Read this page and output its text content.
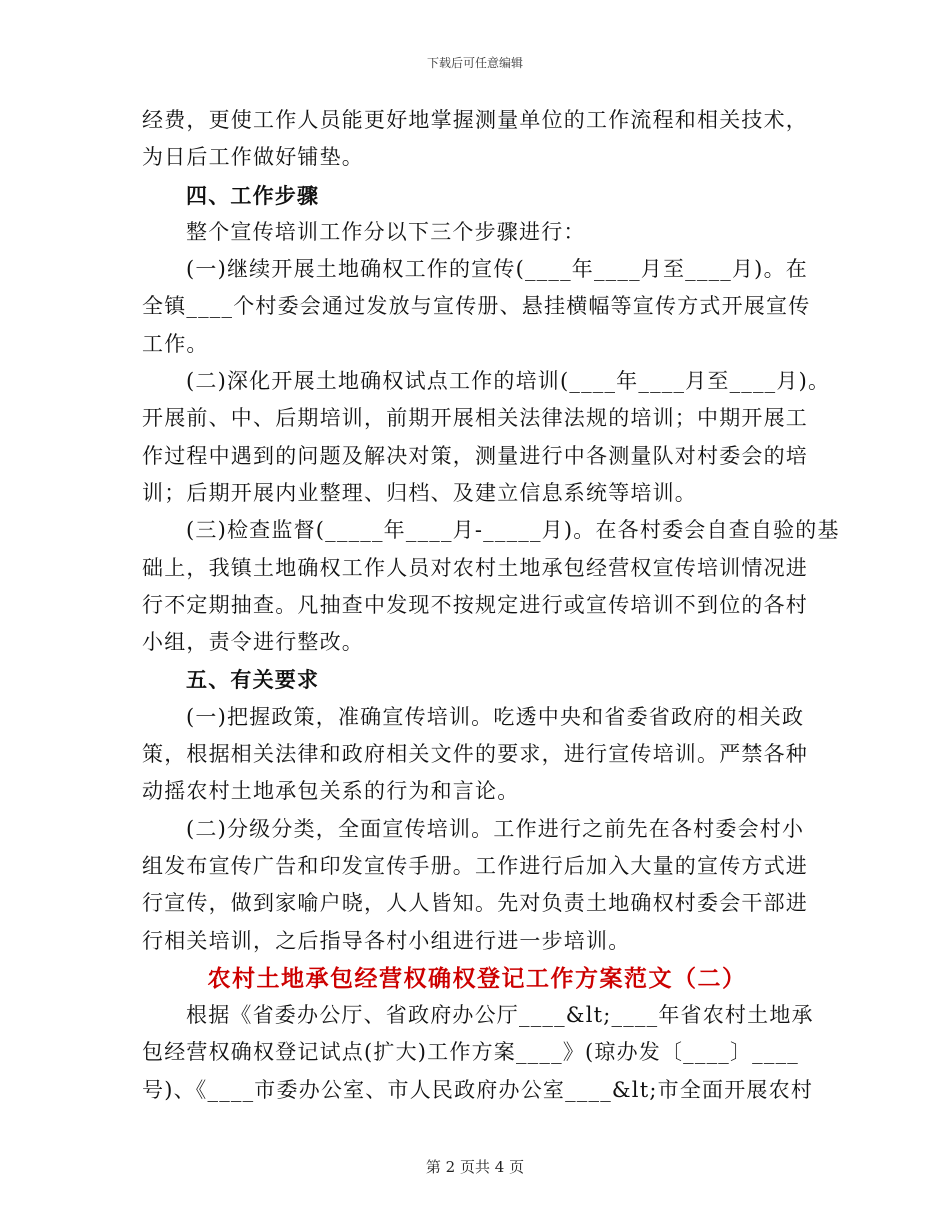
下载后可任意编辑
经费，更使工作人员能更好地掌握测量单位的工作流程和相关技术，
为日后工作做好铺垫。
四、工作步骤
整个宣传培训工作分以下三个步骤进行：
(一)继续开展土地确权工作的宣传(____年____月至____月)。在
全镇____个村委会通过发放与宣传册、悬挂横幅等宣传方式开展宣传
工作。
(二)深化开展土地确权试点工作的培训(____年____月至____月)。
开展前、中、后期培训，前期开展相关法律法规的培训；中期开展工
作过程中遇到的问题及解决对策，测量进行中各测量队对村委会的培
训；后期开展内业整理、归档、及建立信息系统等培训。
(三)检查监督(_____年____月-_____月)。在各村委会自查自验的基
础上，我镇土地确权工作人员对农村土地承包经营权宣传培训情况进
行不定期抽查。凡抽查中发现不按规定进行或宣传培训不到位的各村
小组，责令进行整改。
五、有关要求
(一)把握政策，准确宣传培训。吃透中央和省委省政府的相关政
策，根据相关法律和政府相关文件的要求，进行宣传培训。严禁各种
动摇农村土地承包关系的行为和言论。
(二)分级分类，全面宣传培训。工作进行之前先在各村委会村小
组发布宣传广告和印发宣传手册。工作进行后加入大量的宣传方式进
行宣传，做到家喻户晓，人人皆知。先对负责土地确权村委会干部进
行相关培训，之后指导各村小组进行进一步培训。
农村土地承包经营权确权登记工作方案范文（二）
根据《省委办公厅、省政府办公厅____&lt;____年省农村土地承
包经营权确权登记试点(扩大)工作方案____》(琼办发〔____〕____
号)、《____市委办公室、市人民政府办公室____&lt;市全面开展农村
第 2 页共 4 页
